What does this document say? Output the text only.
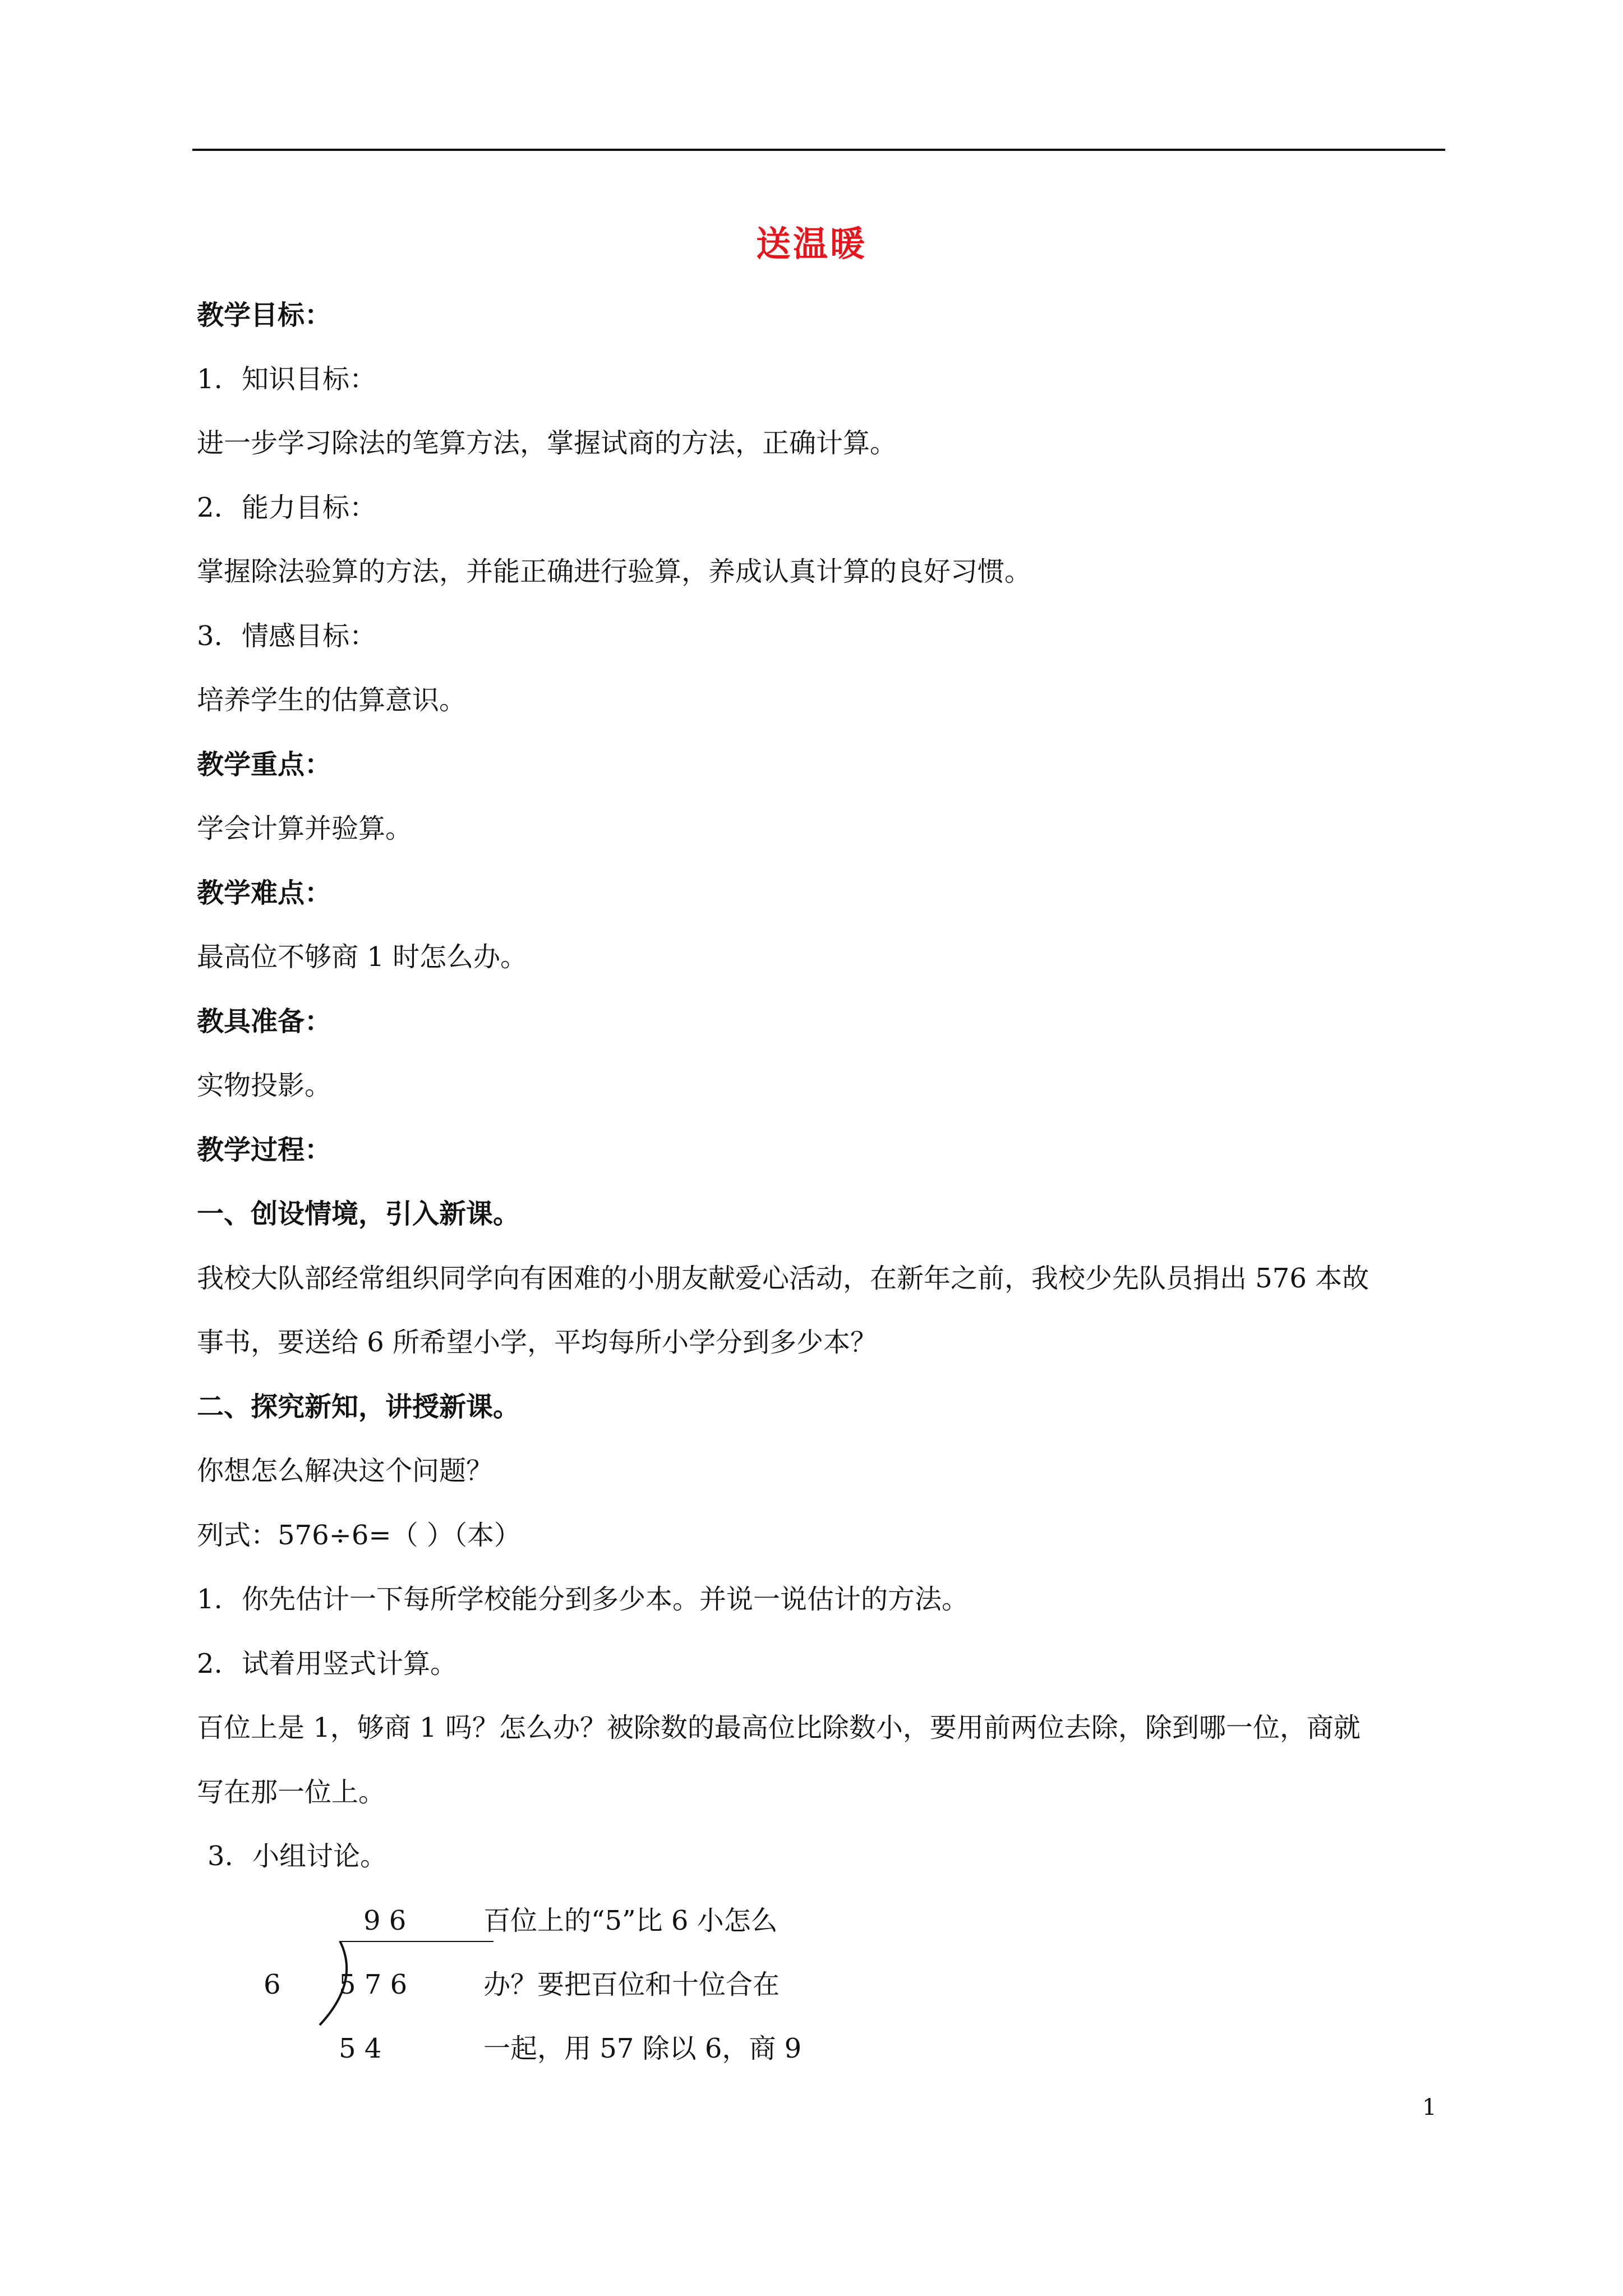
送温暖
教学目标：
1. 知识目标：
进一步学习除法的笔算方法，掌握试商的方法，正确计算。
2. 能力目标：
掌握除法验算的方法，并能正确进行验算，养成认真计算的良好习惯。
3. 情感目标：
培养学生的估算意识。
教学重点：
学会计算并验算。
教学难点：
最高位不够商 1 时怎么办。
教具准备：
实物投影。
教学过程：
一、创设情境，引入新课。
我校大队部经常组织同学向有困难的小朋友献爱心活动，在新年之前，我校少先队员捐出 576 本故
事书，要送给 6 所希望小学，平均每所小学分到多少本？
二、探究新知，讲授新课。
你想怎么解决这个问题？
列式：576÷6=（ ）（本）
1. 你先估计一下每所学校能分到多少本。并说一说估计的方法。
2. 试着用竖式计算。
百位上是 1，够商 1 吗？怎么办？被除数的最高位比除数小，要用前两位去除，除到哪一位，商就
写在那一位上。
3. 小组讨论。
9 6
6 5 7 6
5 4
百位上的“5”比 6 小怎么
办？要把百位和十位合在
一起，用 57 除以 6，商 9
1
